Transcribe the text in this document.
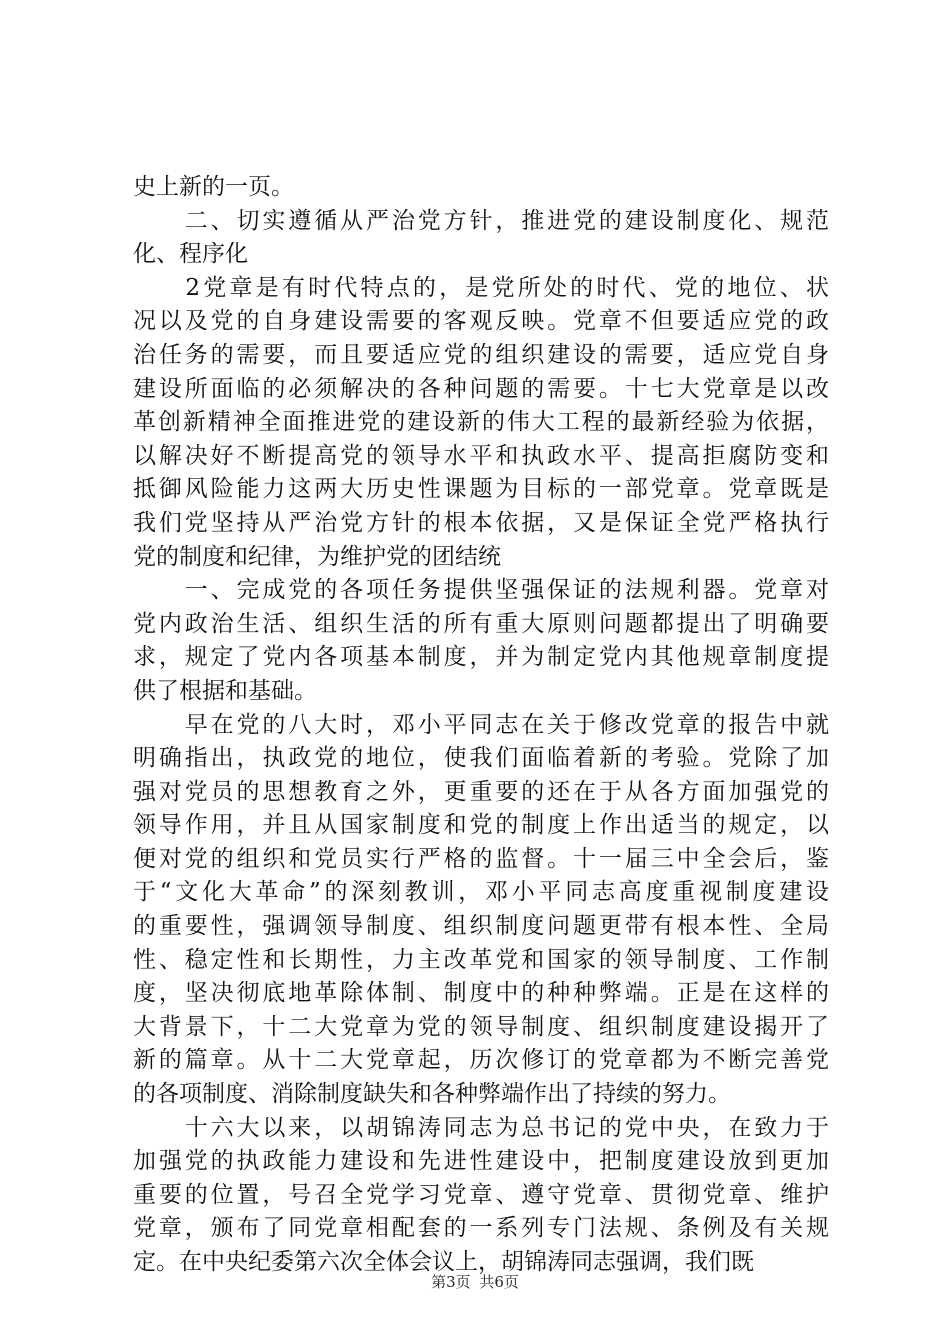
史上新的一页。
　　二、切实遵循从严治党方针，推进党的建设制度化、规范
化、程序化
　　2党章是有时代特点的，是党所处的时代、党的地位、状
况以及党的自身建设需要的客观反映。党章不但要适应党的政
治任务的需要，而且要适应党的组织建设的需要，适应党自身
建设所面临的必须解决的各种问题的需要。十七大党章是以改
革创新精神全面推进党的建设新的伟大工程的最新经验为依据，
以解决好不断提高党的领导水平和执政水平、提高拒腐防变和
抵御风险能力这两大历史性课题为目标的一部党章。党章既是
我们党坚持从严治党方针的根本依据，又是保证全党严格执行
党的制度和纪律，为维护党的团结统
　　一、完成党的各项任务提供坚强保证的法规利器。党章对
党内政治生活、组织生活的所有重大原则问题都提出了明确要
求，规定了党内各项基本制度，并为制定党内其他规章制度提
供了根据和基础。
　　早在党的八大时，邓小平同志在关于修改党章的报告中就
明确指出，执政党的地位，使我们面临着新的考验。党除了加
强对党员的思想教育之外，更重要的还在于从各方面加强党的
领导作用，并且从国家制度和党的制度上作出适当的规定，以
便对党的组织和党员实行严格的监督。十一届三中全会后，鉴
于“文化大革命”的深刻教训，邓小平同志高度重视制度建设
的重要性，强调领导制度、组织制度问题更带有根本性、全局
性、稳定性和长期性，力主改革党和国家的领导制度、工作制
度，坚决彻底地革除体制、制度中的种种弊端。正是在这样的
大背景下，十二大党章为党的领导制度、组织制度建设揭开了
新的篇章。从十二大党章起，历次修订的党章都为不断完善党
的各项制度、消除制度缺失和各种弊端作出了持续的努力。
　　十六大以来，以胡锦涛同志为总书记的党中央，在致力于
加强党的执政能力建设和先进性建设中，把制度建设放到更加
重要的位置，号召全党学习党章、遵守党章、贯彻党章、维护
党章，颁布了同党章相配套的一系列专门法规、条例及有关规
定。在中央纪委第六次全体会议上，胡锦涛同志强调，我们既
第3页 共6页
